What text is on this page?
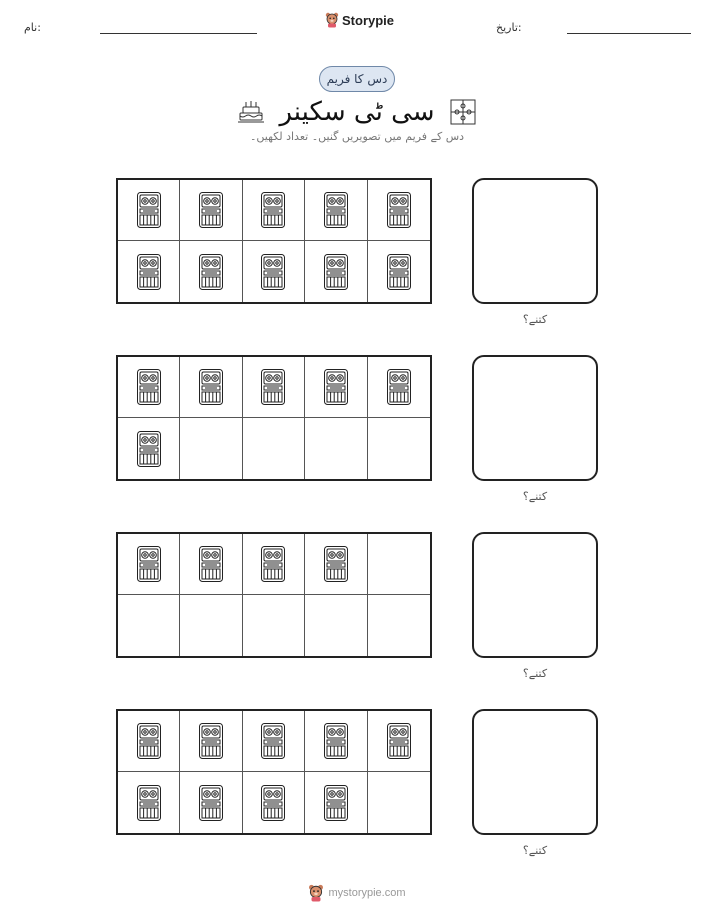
نام:	Storypie	تاریخ:
دس کا فریم
سی ٹی سکینر
دس کے فریم میں تصویریں گنیں۔ تعداد لکھیں۔
کتنے؟
کتنے؟
کتنے؟
کتنے؟
mystorypie.com
